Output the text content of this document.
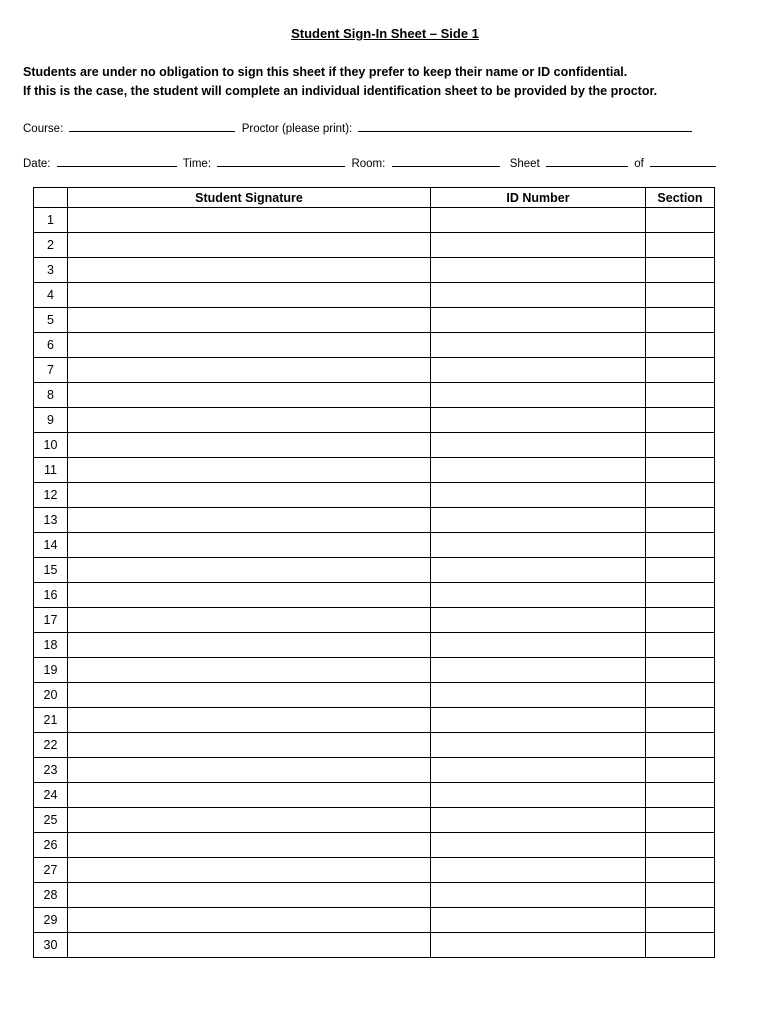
Student Sign-In Sheet – Side 1

Students are under no obligation to sign this sheet if they prefer to keep their name or ID confidential.
If this is the case, the student will complete an individual identification sheet to be provided by the proctor.

Course:	Proctor (please print):
Date:	Time:	Room:	Sheet	of
	Student Signature	ID Number	Section
1			
2			
3			
4			
5			
6			
7			
8			
9			
10			
11			
12			
13			
14			
15			
16			
17			
18			
19			
20			
21			
22			
23			
24			
25			
26			
27			
28			
29			
30			
